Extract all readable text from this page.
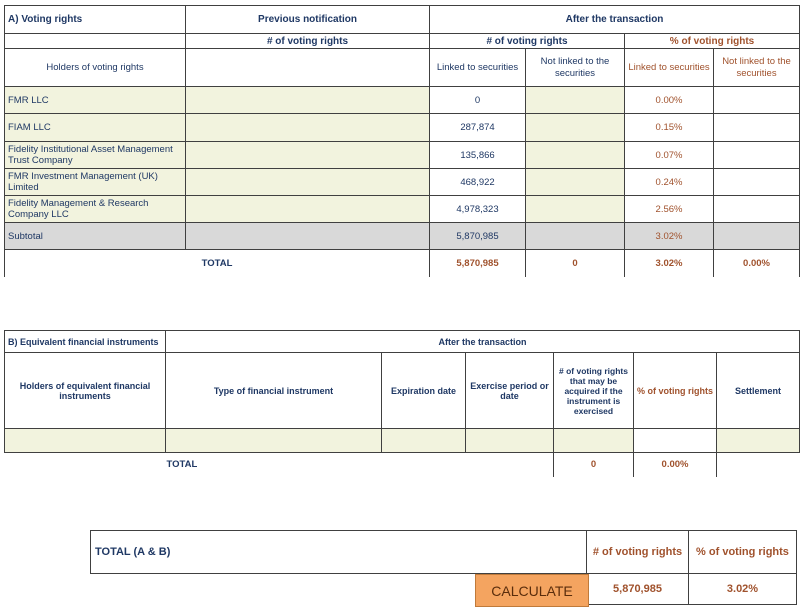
A) Voting rights	Previous notification	After the transaction			
	# of voting rights	# of voting rights		% of voting rights	
Holders of voting rights		Linked to securities	Not linked to the securities	Linked to securities	Not linked to the securities
FMR LLC		0		0.00%	
FIAM LLC		287,874		0.15%	
Fidelity Institutional Asset Management Trust Company		135,866		0.07%	
FMR Investment Management (UK) Limited		468,922		0.24%	
Fidelity Management & Research Company LLC		4,978,323		2.56%	
Subtotal		5,870,985		3.02%	
TOTAL		5,870,985	0	3.02%	0.00%
B) Equivalent financial instruments	After the transaction					
Holders of equivalent financial instruments	Type of financial instrument	Expiration date	Exercise period or date	# of voting rights that may be acquired if the instrument is exercised	% of voting rights	Settlement

TOTAL				0	0.00%	
TOTAL (A & B)	# of voting rights	% of voting rights
	5,870,985	3.02%
CALCULATE
